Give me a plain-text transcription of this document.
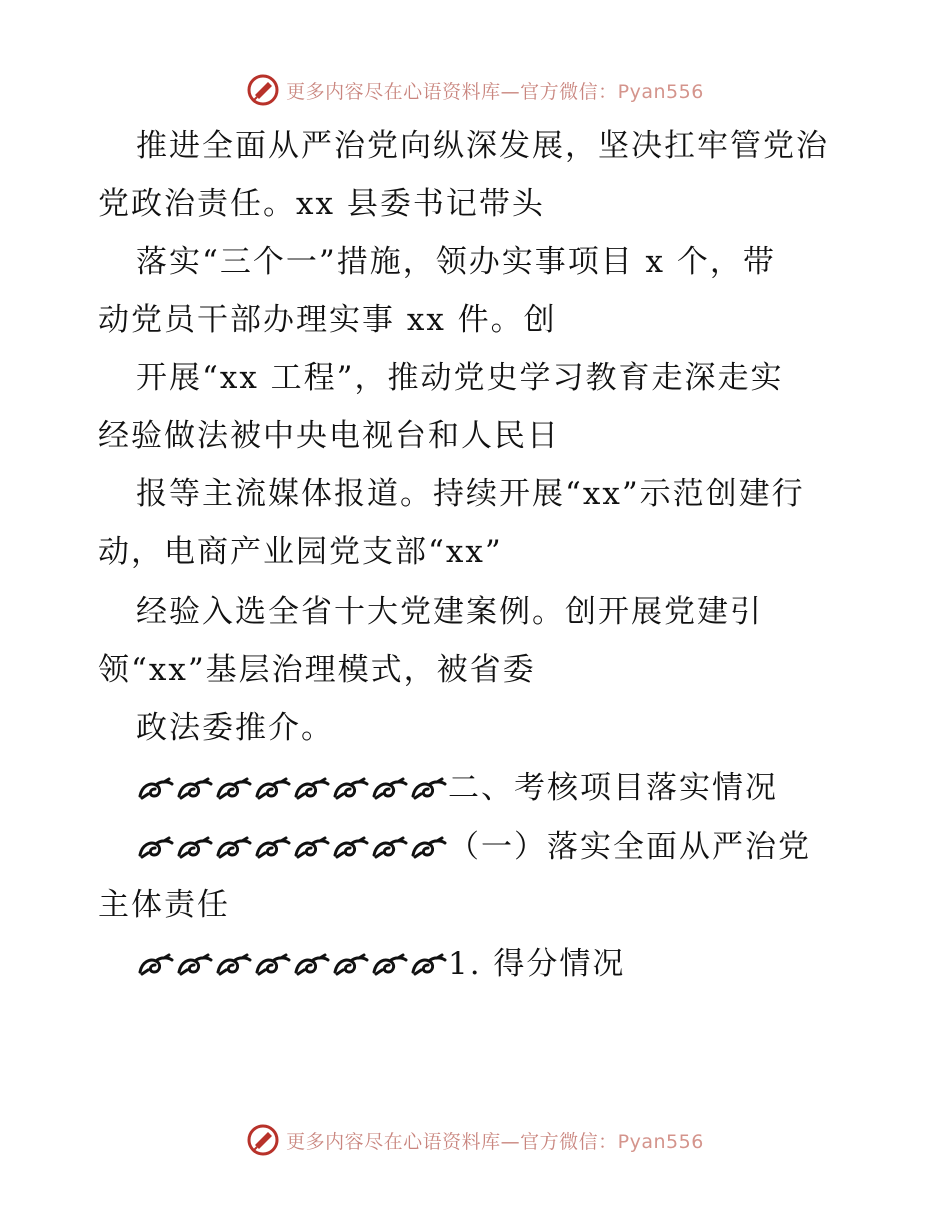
更多内容尽在心语资料库—官方微信：Pyan556
推进全面从严治党向纵深发展，坚决扛牢管党治
党政治责任。xx 县委书记带头
落实“三个一”措施，领办实事项目 x 个，带
动党员干部办理实事 xx 件。创
开展“xx 工程”，推动党史学习教育走深走实
经验做法被中央电视台和人民日
报等主流媒体报道。持续开展“xx”示范创建行
动，电商产业园党支部“xx”
经验入选全省十大党建案例。创开展党建引
领“xx”基层治理模式，被省委
政法委推介。
二、考核项目落实情况
（一）落实全面从严治党
主体责任
1. 得分情况
更多内容尽在心语资料库—官方微信：Pyan556
